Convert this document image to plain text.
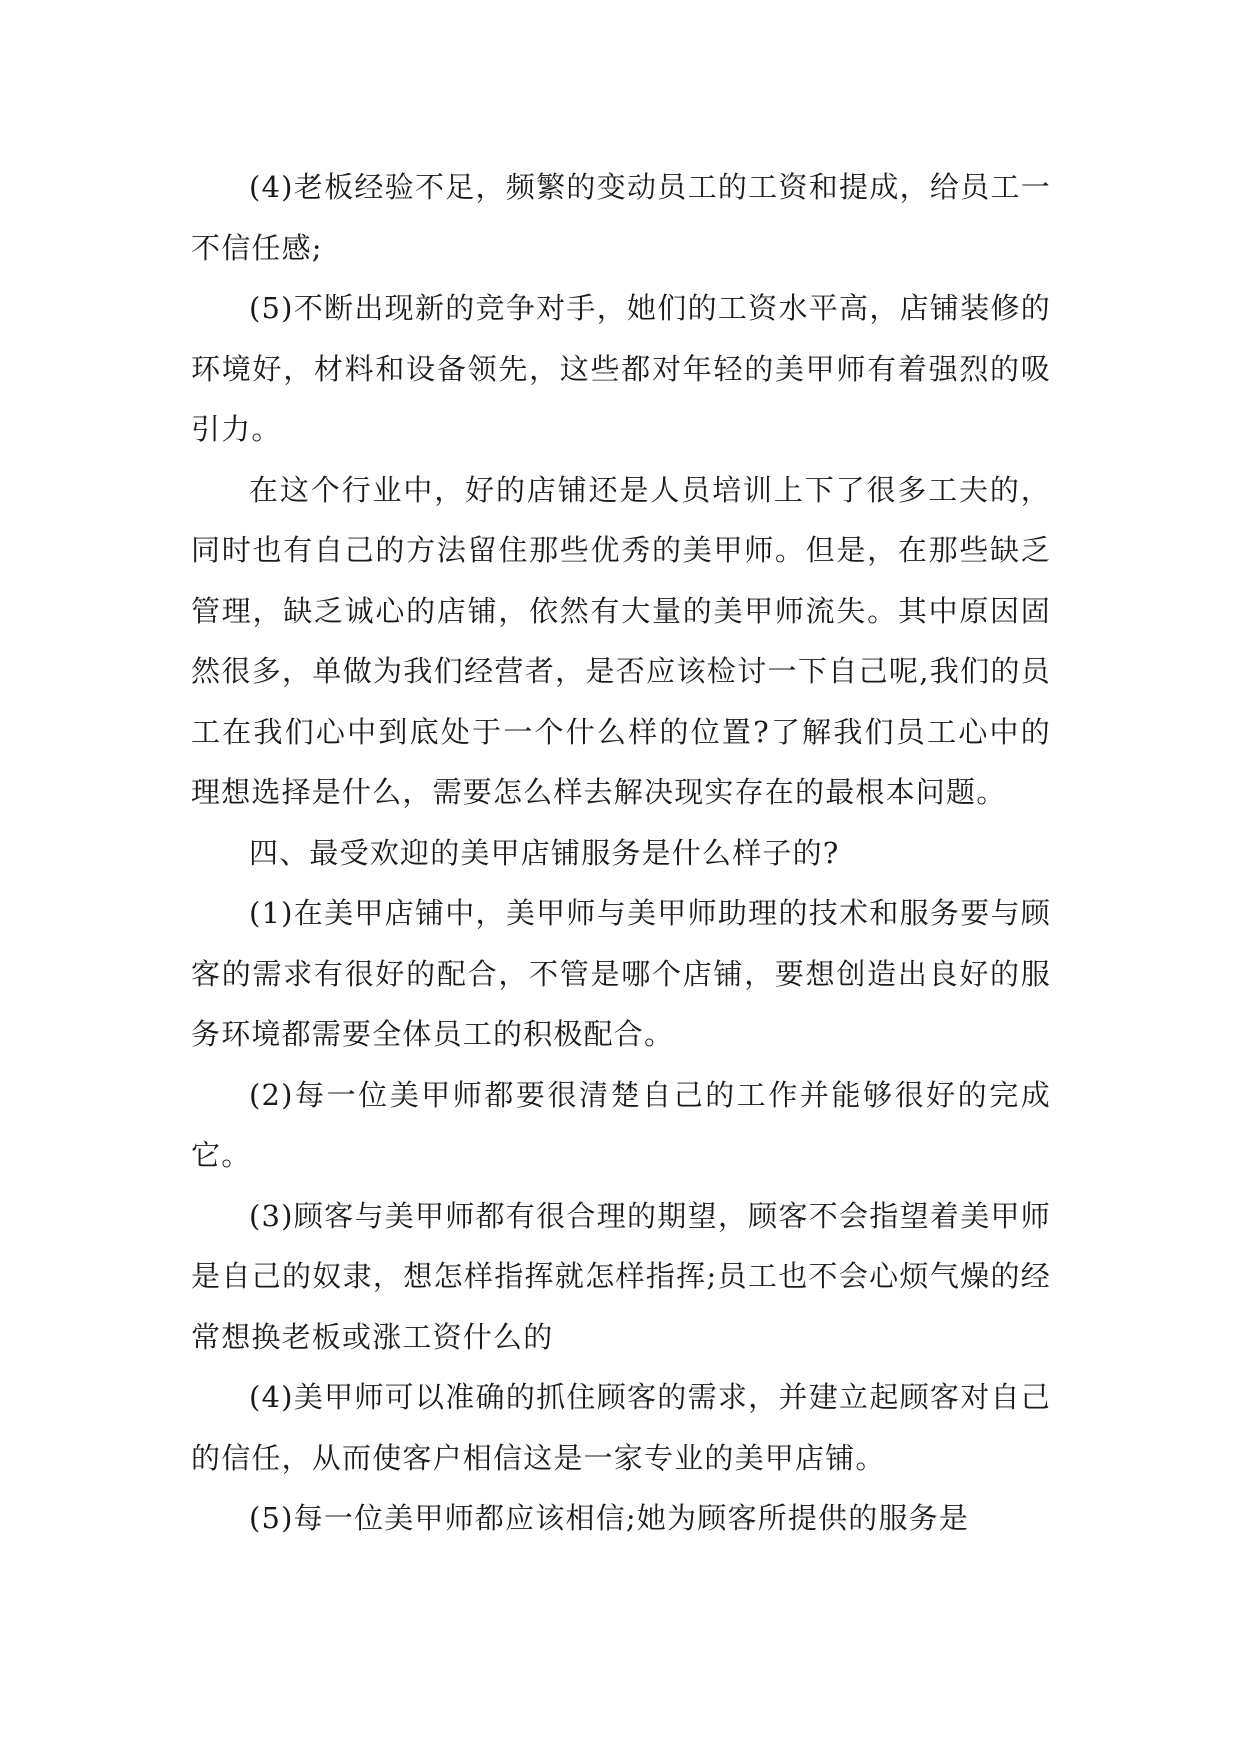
(4)老板经验不足，频繁的变动员工的工资和提成，给员工一不信任感;

(5)不断出现新的竞争对手，她们的工资水平高，店铺装修的环境好，材料和设备领先，这些都对年轻的美甲师有着强烈的吸引力。

在这个行业中，好的店铺还是人员培训上下了很多工夫的，同时也有自己的方法留住那些优秀的美甲师。但是，在那些缺乏管理，缺乏诚心的店铺，依然有大量的美甲师流失。其中原因固然很多，单做为我们经营者，是否应该检讨一下自己呢,我们的员工在我们心中到底处于一个什么样的位置?了解我们员工心中的理想选择是什么，需要怎么样去解决现实存在的最根本问题。

四、最受欢迎的美甲店铺服务是什么样子的?

(1)在美甲店铺中，美甲师与美甲师助理的技术和服务要与顾客的需求有很好的配合，不管是哪个店铺，要想创造出良好的服务环境都需要全体员工的积极配合。

(2)每一位美甲师都要很清楚自己的工作并能够很好的完成它。

(3)顾客与美甲师都有很合理的期望，顾客不会指望着美甲师是自己的奴隶，想怎样指挥就怎样指挥;员工也不会心烦气燥的经常想换老板或涨工资什么的

(4)美甲师可以准确的抓住顾客的需求，并建立起顾客对自己的信任，从而使客户相信这是一家专业的美甲店铺。

(5)每一位美甲师都应该相信;她为顾客所提供的服务是
